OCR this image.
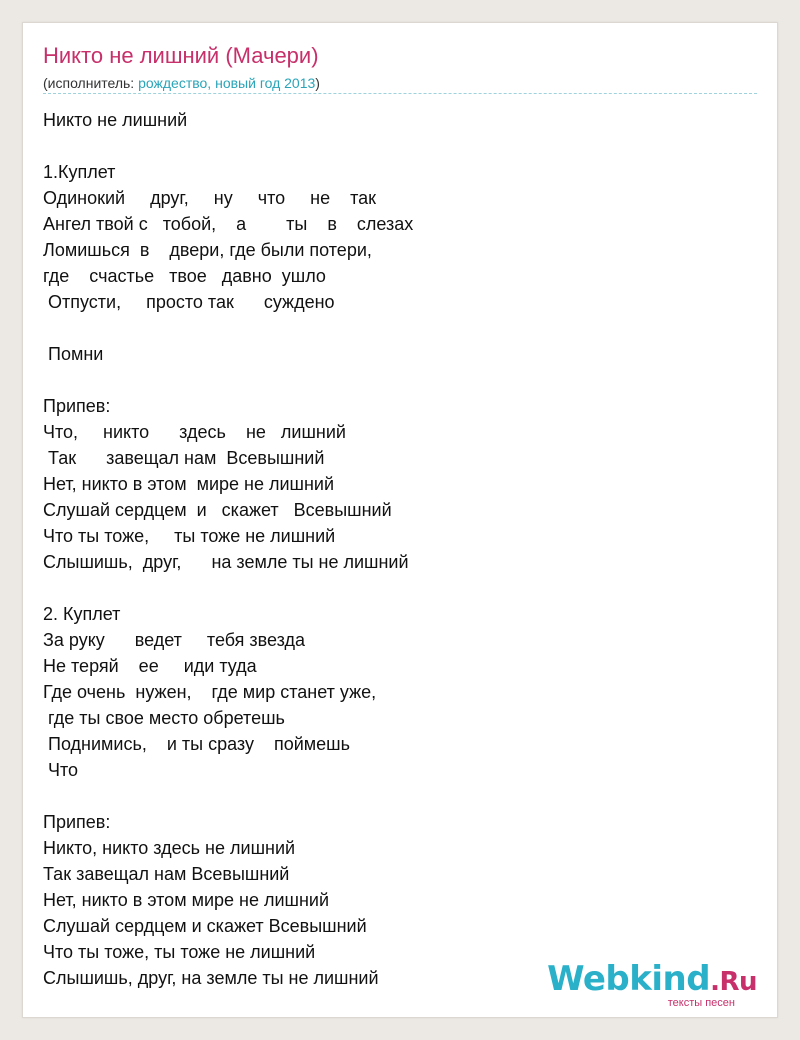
Никто не лишний (Мачери)
(исполнитель: рождество, новый год 2013)
Никто не лишний
1.Куплет
Одинокий     друг,     ну     что     не    так
Ангел твой с   тобой,    а        ты    в    слезах
Ломишься  в    двери, где были потери,
где    счастье   твое   давно  ушло
Отпусти,     просто так      суждено
Помни
Припев:
Что,     никто      здесь    не   лишний
Так      завещал нам  Всевышний
Нет, никто в этом  мире не лишний
Слушай сердцем  и   скажет   Всевышний
Что ты тоже,     ты тоже не лишний
Слышишь,  друг,      на земле ты не лишний
2. Куплет
За руку      ведет     тебя звезда
Не теряй    ее     иди туда
Где очень  нужен,    где мир станет уже,
где ты свое место обретешь
Поднимись,    и ты сразу    поймешь
Что
Припев:
Никто, никто здесь не лишний
Так завещал нам Всевышний
Нет, никто в этом мире не лишний
Слушай сердцем и скажет Всевышний
Что ты тоже, ты тоже не лишний
Слышишь, друг, на земле ты не лишний	Webkind.Ru
тексты песен
